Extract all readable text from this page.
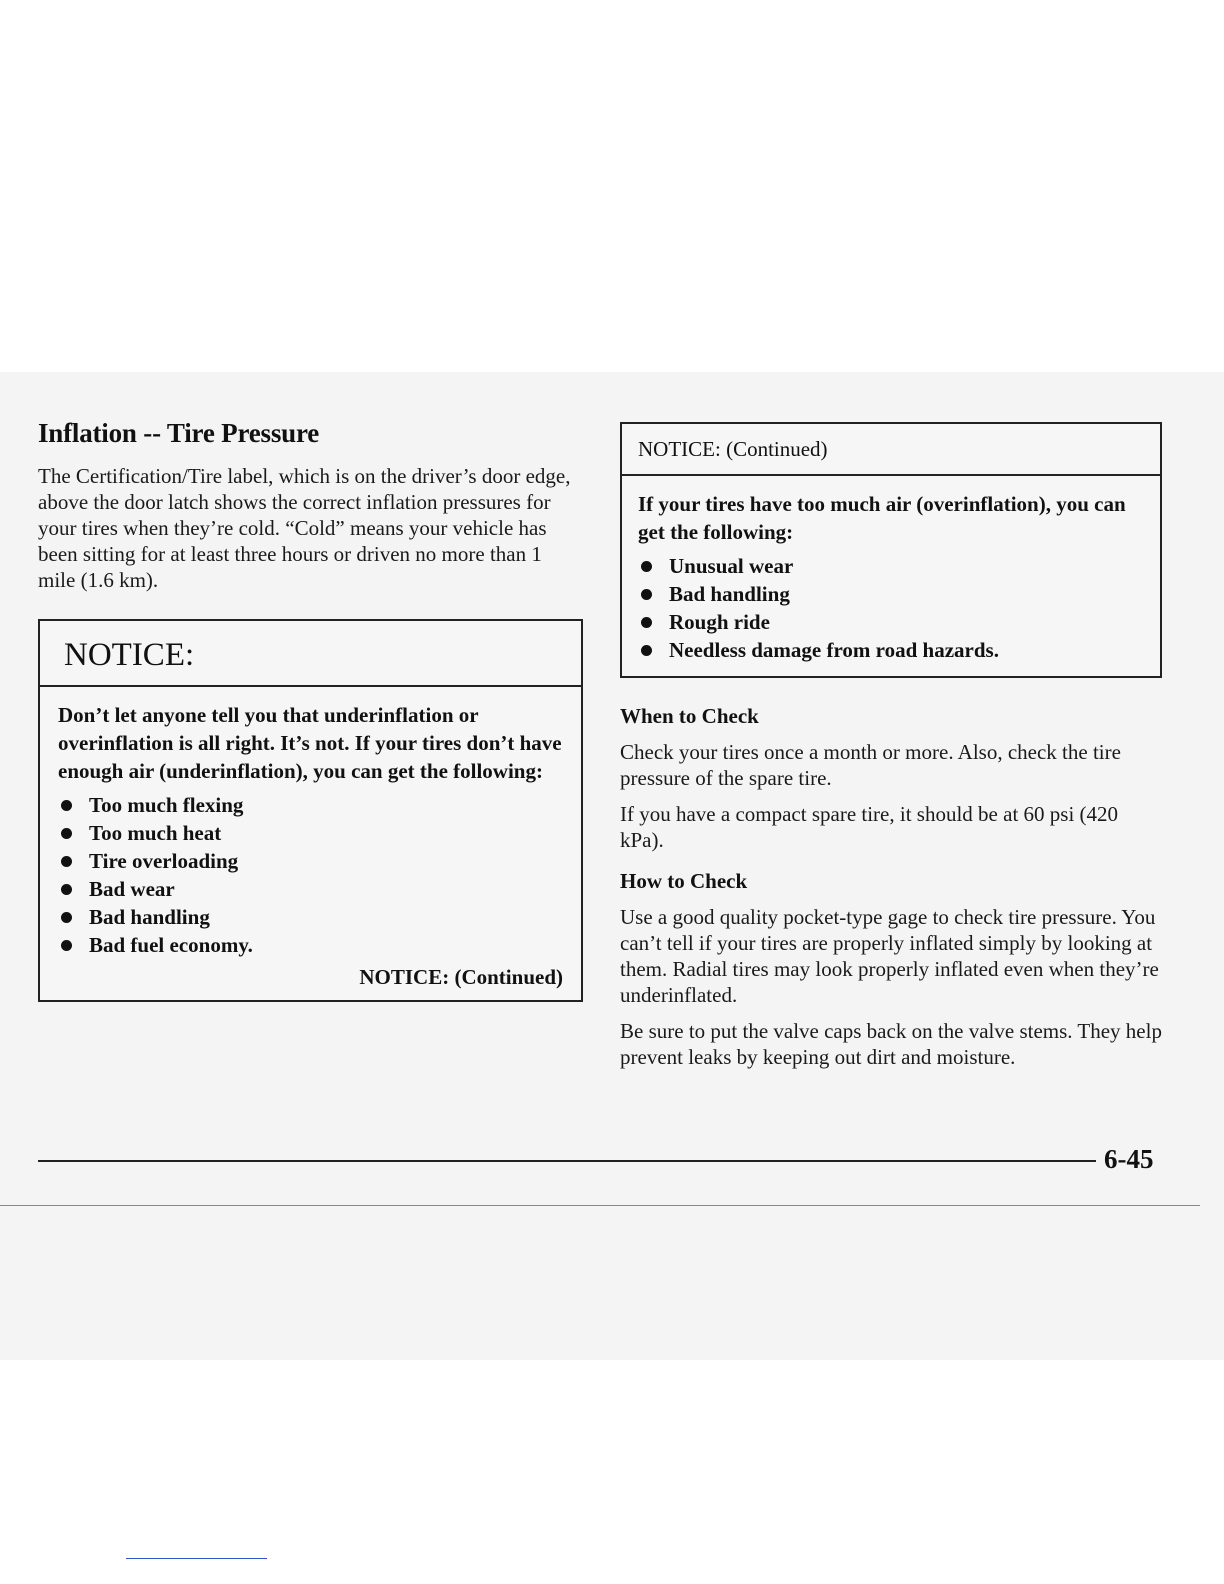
Inflation -- Tire Pressure

The Certification/Tire label, which is on the driver’s door edge, above the door latch shows the correct inflation pressures for your tires when they’re cold. “Cold” means your vehicle has been sitting for at least three hours or driven no more than 1 mile (1.6 km).

NOTICE:

Don’t let anyone tell you that underinflation or overinflation is all right. It’s not. If your tires don’t have enough air (underinflation), you can get the following:

Too much flexing
Too much heat
Tire overloading
Bad wear
Bad handling
Bad fuel economy.
NOTICE: (Continued)
NOTICE: (Continued)

If your tires have too much air (overinflation), you can get the following:

Unusual wear
Bad handling
Rough ride
Needless damage from road hazards.
When to Check

Check your tires once a month or more. Also, check the tire pressure of the spare tire.

If you have a compact spare tire, it should be at 60 psi (420 kPa).

How to Check

Use a good quality pocket-type gage to check tire pressure. You can’t tell if your tires are properly inflated simply by looking at them. Radial tires may look properly inflated even when they’re underinflated.

Be sure to put the valve caps back on the valve stems. They help prevent leaks by keeping out dirt and moisture.

6-45
